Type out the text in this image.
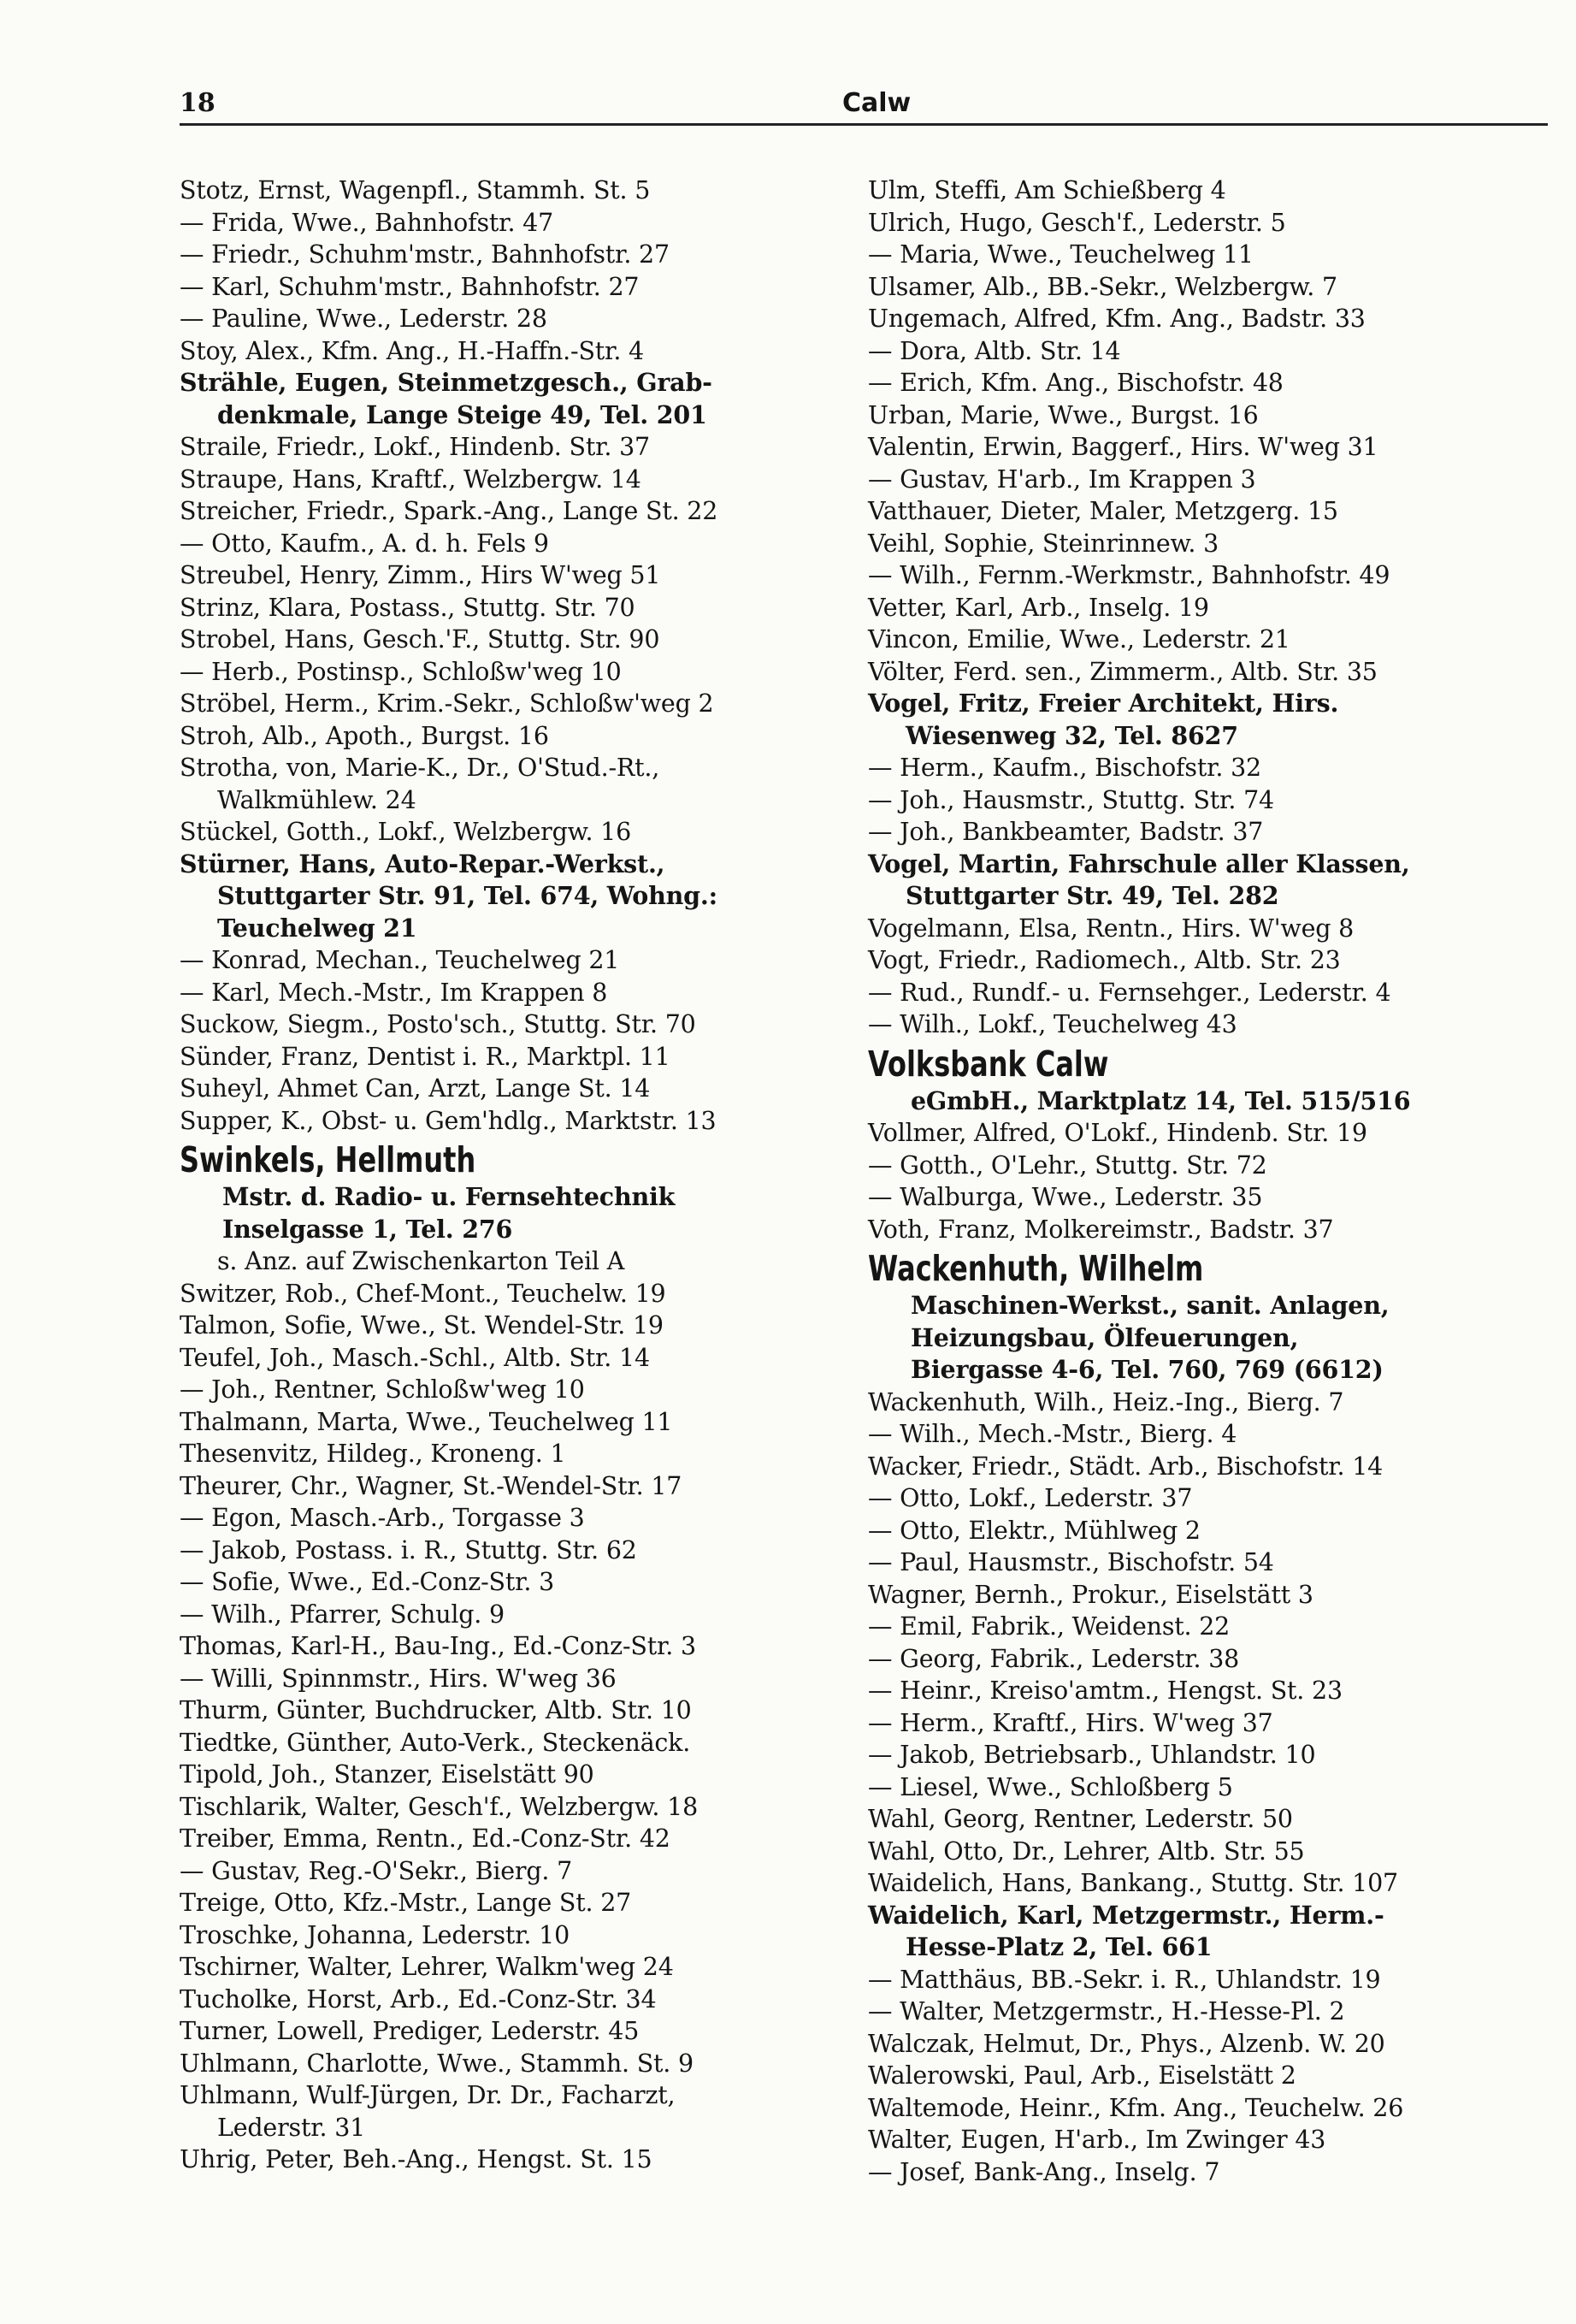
18	Calw
Stotz, Ernst, Wagenpfl., Stammh. St. 5
— Frida, Wwe., Bahnhofstr. 47
— Friedr., Schuhm'mstr., Bahnhofstr. 27
— Karl, Schuhm'mstr., Bahnhofstr. 27
— Pauline, Wwe., Lederstr. 28
Stoy, Alex., Kfm. Ang., H.-Haffn.-Str. 4
Strähle, Eugen, Steinmetzgesch., Grab-
denkmale, Lange Steige 49, Tel. 201
Straile, Friedr., Lokf., Hindenb. Str. 37
Straupe, Hans, Kraftf., Welzbergw. 14
Streicher, Friedr., Spark.-Ang., Lange St. 22
— Otto, Kaufm., A. d. h. Fels 9
Streubel, Henry, Zimm., Hirs W'weg 51
Strinz, Klara, Postass., Stuttg. Str. 70
Strobel, Hans, Gesch.'F., Stuttg. Str. 90
— Herb., Postinsp., Schloßw'weg 10
Ströbel, Herm., Krim.-Sekr., Schloßw'weg 2
Stroh, Alb., Apoth., Burgst. 16
Strotha, von, Marie-K., Dr., O'Stud.-Rt.,
Walkmühlew. 24
Stückel, Gotth., Lokf., Welzbergw. 16
Stürner, Hans, Auto-Repar.-Werkst.,
Stuttgarter Str. 91, Tel. 674, Wohng.:
Teuchelweg 21
— Konrad, Mechan., Teuchelweg 21
— Karl, Mech.-Mstr., Im Krappen 8
Suckow, Siegm., Posto'sch., Stuttg. Str. 70
Sünder, Franz, Dentist i. R., Marktpl. 11
Suheyl, Ahmet Can, Arzt, Lange St. 14
Supper, K., Obst- u. Gem'hdlg., Marktstr. 13
Swinkels, Hellmuth
Mstr. d. Radio- u. Fernsehtechnik
Inselgasse 1, Tel. 276
s. Anz. auf Zwischenkarton Teil A
Switzer, Rob., Chef-Mont., Teuchelw. 19
Talmon, Sofie, Wwe., St. Wendel-Str. 19
Teufel, Joh., Masch.-Schl., Altb. Str. 14
— Joh., Rentner, Schloßw'weg 10
Thalmann, Marta, Wwe., Teuchelweg 11
Thesenvitz, Hildeg., Kroneng. 1
Theurer, Chr., Wagner, St.-Wendel-Str. 17
— Egon, Masch.-Arb., Torgasse 3
— Jakob, Postass. i. R., Stuttg. Str. 62
— Sofie, Wwe., Ed.-Conz-Str. 3
— Wilh., Pfarrer, Schulg. 9
Thomas, Karl-H., Bau-Ing., Ed.-Conz-Str. 3
— Willi, Spinnmstr., Hirs. W'weg 36
Thurm, Günter, Buchdrucker, Altb. Str. 10
Tiedtke, Günther, Auto-Verk., Steckenäck.
Tipold, Joh., Stanzer, Eiselstätt 90
Tischlarik, Walter, Gesch'f., Welzbergw. 18
Treiber, Emma, Rentn., Ed.-Conz-Str. 42
— Gustav, Reg.-O'Sekr., Bierg. 7
Treige, Otto, Kfz.-Mstr., Lange St. 27
Troschke, Johanna, Lederstr. 10
Tschirner, Walter, Lehrer, Walkm'weg 24
Tucholke, Horst, Arb., Ed.-Conz-Str. 34
Turner, Lowell, Prediger, Lederstr. 45
Uhlmann, Charlotte, Wwe., Stammh. St. 9
Uhlmann, Wulf-Jürgen, Dr. Dr., Facharzt,
Lederstr. 31
Uhrig, Peter, Beh.-Ang., Hengst. St. 15
Ulm, Steffi, Am Schießberg 4
Ulrich, Hugo, Gesch'f., Lederstr. 5
— Maria, Wwe., Teuchelweg 11
Ulsamer, Alb., BB.-Sekr., Welzbergw. 7
Ungemach, Alfred, Kfm. Ang., Badstr. 33
— Dora, Altb. Str. 14
— Erich, Kfm. Ang., Bischofstr. 48
Urban, Marie, Wwe., Burgst. 16
Valentin, Erwin, Baggerf., Hirs. W'weg 31
— Gustav, H'arb., Im Krappen 3
Vatthauer, Dieter, Maler, Metzgerg. 15
Veihl, Sophie, Steinrinnew. 3
— Wilh., Fernm.-Werkmstr., Bahnhofstr. 49
Vetter, Karl, Arb., Inselg. 19
Vincon, Emilie, Wwe., Lederstr. 21
Völter, Ferd. sen., Zimmerm., Altb. Str. 35
Vogel, Fritz, Freier Architekt, Hirs.
Wiesenweg 32, Tel. 8627
— Herm., Kaufm., Bischofstr. 32
— Joh., Hausmstr., Stuttg. Str. 74
— Joh., Bankbeamter, Badstr. 37
Vogel, Martin, Fahrschule aller Klassen,
Stuttgarter Str. 49, Tel. 282
Vogelmann, Elsa, Rentn., Hirs. W'weg 8
Vogt, Friedr., Radiomech., Altb. Str. 23
— Rud., Rundf.- u. Fernsehger., Lederstr. 4
— Wilh., Lokf., Teuchelweg 43
Volksbank Calw
eGmbH., Marktplatz 14, Tel. 515/516
Vollmer, Alfred, O'Lokf., Hindenb. Str. 19
— Gotth., O'Lehr., Stuttg. Str. 72
— Walburga, Wwe., Lederstr. 35
Voth, Franz, Molkereimstr., Badstr. 37
Wackenhuth, Wilhelm
Maschinen-Werkst., sanit. Anlagen,
Heizungsbau, Ölfeuerungen,
Biergasse 4-6, Tel. 760, 769 (6612)
Wackenhuth, Wilh., Heiz.-Ing., Bierg. 7
— Wilh., Mech.-Mstr., Bierg. 4
Wacker, Friedr., Städt. Arb., Bischofstr. 14
— Otto, Lokf., Lederstr. 37
— Otto, Elektr., Mühlweg 2
— Paul, Hausmstr., Bischofstr. 54
Wagner, Bernh., Prokur., Eiselstätt 3
— Emil, Fabrik., Weidenst. 22
— Georg, Fabrik., Lederstr. 38
— Heinr., Kreiso'amtm., Hengst. St. 23
— Herm., Kraftf., Hirs. W'weg 37
— Jakob, Betriebsarb., Uhlandstr. 10
— Liesel, Wwe., Schloßberg 5
Wahl, Georg, Rentner, Lederstr. 50
Wahl, Otto, Dr., Lehrer, Altb. Str. 55
Waidelich, Hans, Bankang., Stuttg. Str. 107
Waidelich, Karl, Metzgermstr., Herm.-
Hesse-Platz 2, Tel. 661
— Matthäus, BB.-Sekr. i. R., Uhlandstr. 19
— Walter, Metzgermstr., H.-Hesse-Pl. 2
Walczak, Helmut, Dr., Phys., Alzenb. W. 20
Walerowski, Paul, Arb., Eiselstätt 2
Waltemode, Heinr., Kfm. Ang., Teuchelw. 26
Walter, Eugen, H'arb., Im Zwinger 43
— Josef, Bank-Ang., Inselg. 7
